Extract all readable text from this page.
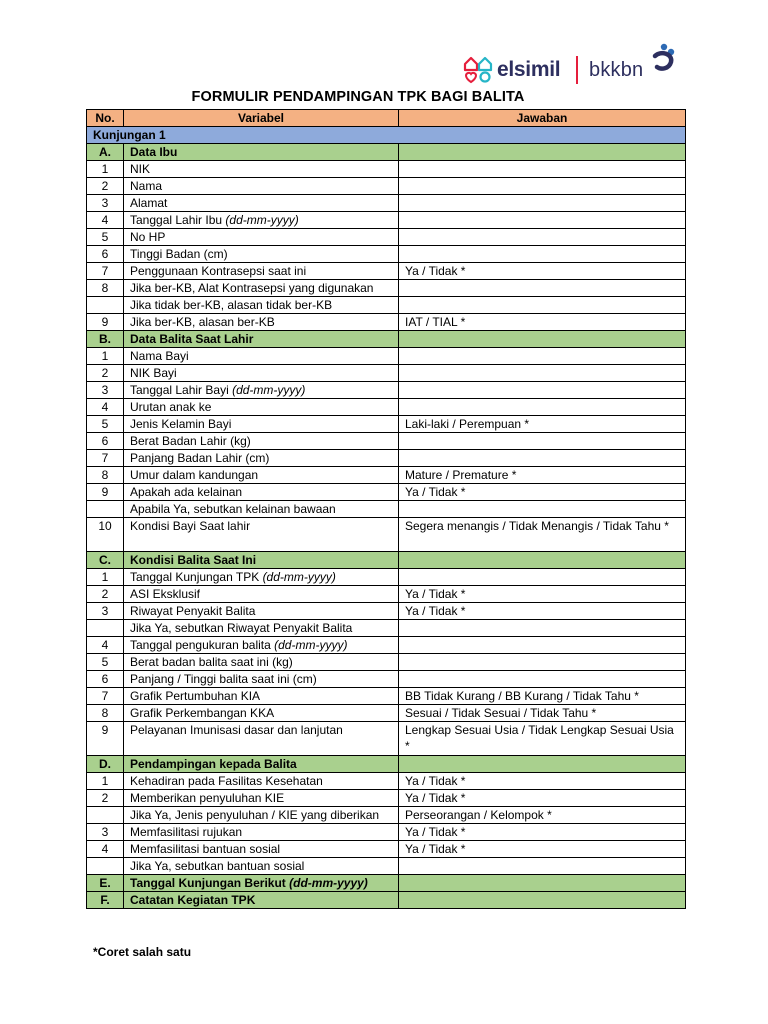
elsimil bkkbn
FORMULIR PENDAMPINGAN TPK BAGI BALITA
No.	Variabel	Jawaban
Kunjungan 1		
A.	Data Ibu	
1	NIK	
2	Nama	
3	Alamat	
4	Tanggal Lahir Ibu (dd-mm-yyyy)	
5	No HP	
6	Tinggi Badan (cm)	
7	Penggunaan Kontrasepsi saat ini	Ya / Tidak *
8	Jika ber-KB, Alat Kontrasepsi yang digunakan	
	Jika tidak ber-KB, alasan tidak ber-KB	
9	Jika ber-KB, alasan ber-KB	IAT / TIAL *
B.	Data Balita Saat Lahir	
1	Nama Bayi	
2	NIK Bayi	
3	Tanggal Lahir Bayi (dd-mm-yyyy)	
4	Urutan anak ke	
5	Jenis Kelamin Bayi	Laki-laki / Perempuan *
6	Berat Badan Lahir (kg)	
7	Panjang Badan Lahir (cm)	
8	Umur dalam kandungan	Mature / Premature *
9	Apakah ada kelainan	Ya / Tidak *
	Apabila Ya, sebutkan kelainan bawaan	
10	Kondisi Bayi Saat lahir	Segera menangis / Tidak Menangis / Tidak Tahu *
C.	Kondisi Balita Saat Ini	
1	Tanggal Kunjungan TPK (dd-mm-yyyy)	
2	ASI Eksklusif	Ya / Tidak *
3	Riwayat Penyakit Balita	Ya / Tidak *
	Jika Ya, sebutkan Riwayat Penyakit Balita	
4	Tanggal pengukuran balita (dd-mm-yyyy)	
5	Berat badan balita saat ini (kg)	
6	Panjang / Tinggi balita saat ini (cm)	
7	Grafik Pertumbuhan KIA	BB Tidak Kurang / BB Kurang / Tidak Tahu *
8	Grafik Perkembangan KKA	Sesuai / Tidak Sesuai / Tidak Tahu *
9	Pelayanan Imunisasi dasar dan lanjutan	Lengkap Sesuai Usia / Tidak Lengkap Sesuai Usia *
D.	Pendampingan kepada Balita	
1	Kehadiran pada Fasilitas Kesehatan	Ya / Tidak *
2	Memberikan penyuluhan KIE	Ya / Tidak *
	Jika Ya, Jenis penyuluhan / KIE yang diberikan	Perseorangan / Kelompok *
3	Memfasilitasi rujukan	Ya / Tidak *
4	Memfasilitasi bantuan sosial	Ya / Tidak *
	Jika Ya, sebutkan bantuan sosial	
E.	Tanggal Kunjungan Berikut (dd-mm-yyyy)	
F.	Catatan Kegiatan TPK	
*Coret salah satu
